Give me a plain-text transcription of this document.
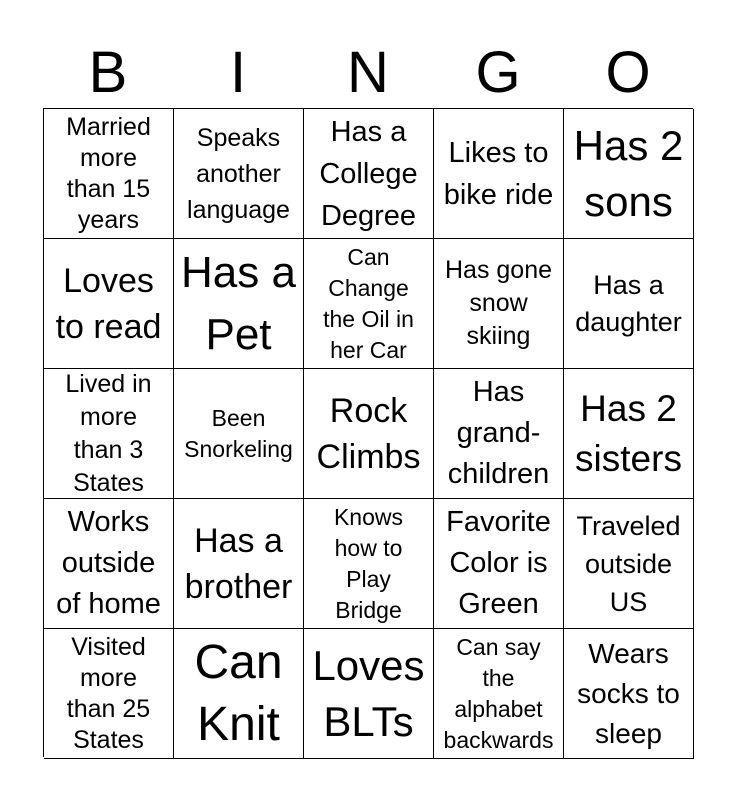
B	I	N	G	O
Married more than 15 years
Speaks another language
Has a College Degree
Likes to bike ride
Has 2 sons
Loves to read
Has a Pet
Can Change the Oil in her Car
Has gone snow skiing
Has a daughter
Lived in more than 3 States
Been Snorkeling
Rock Climbs
Has grand-children
Has 2 sisters
Works outside of home
Has a brother
Knows how to Play Bridge
Favorite Color is Green
Traveled outside US
Visited more than 25 States
Can Knit
Loves BLTs
Can say the alphabet backwards
Wears socks to sleep
